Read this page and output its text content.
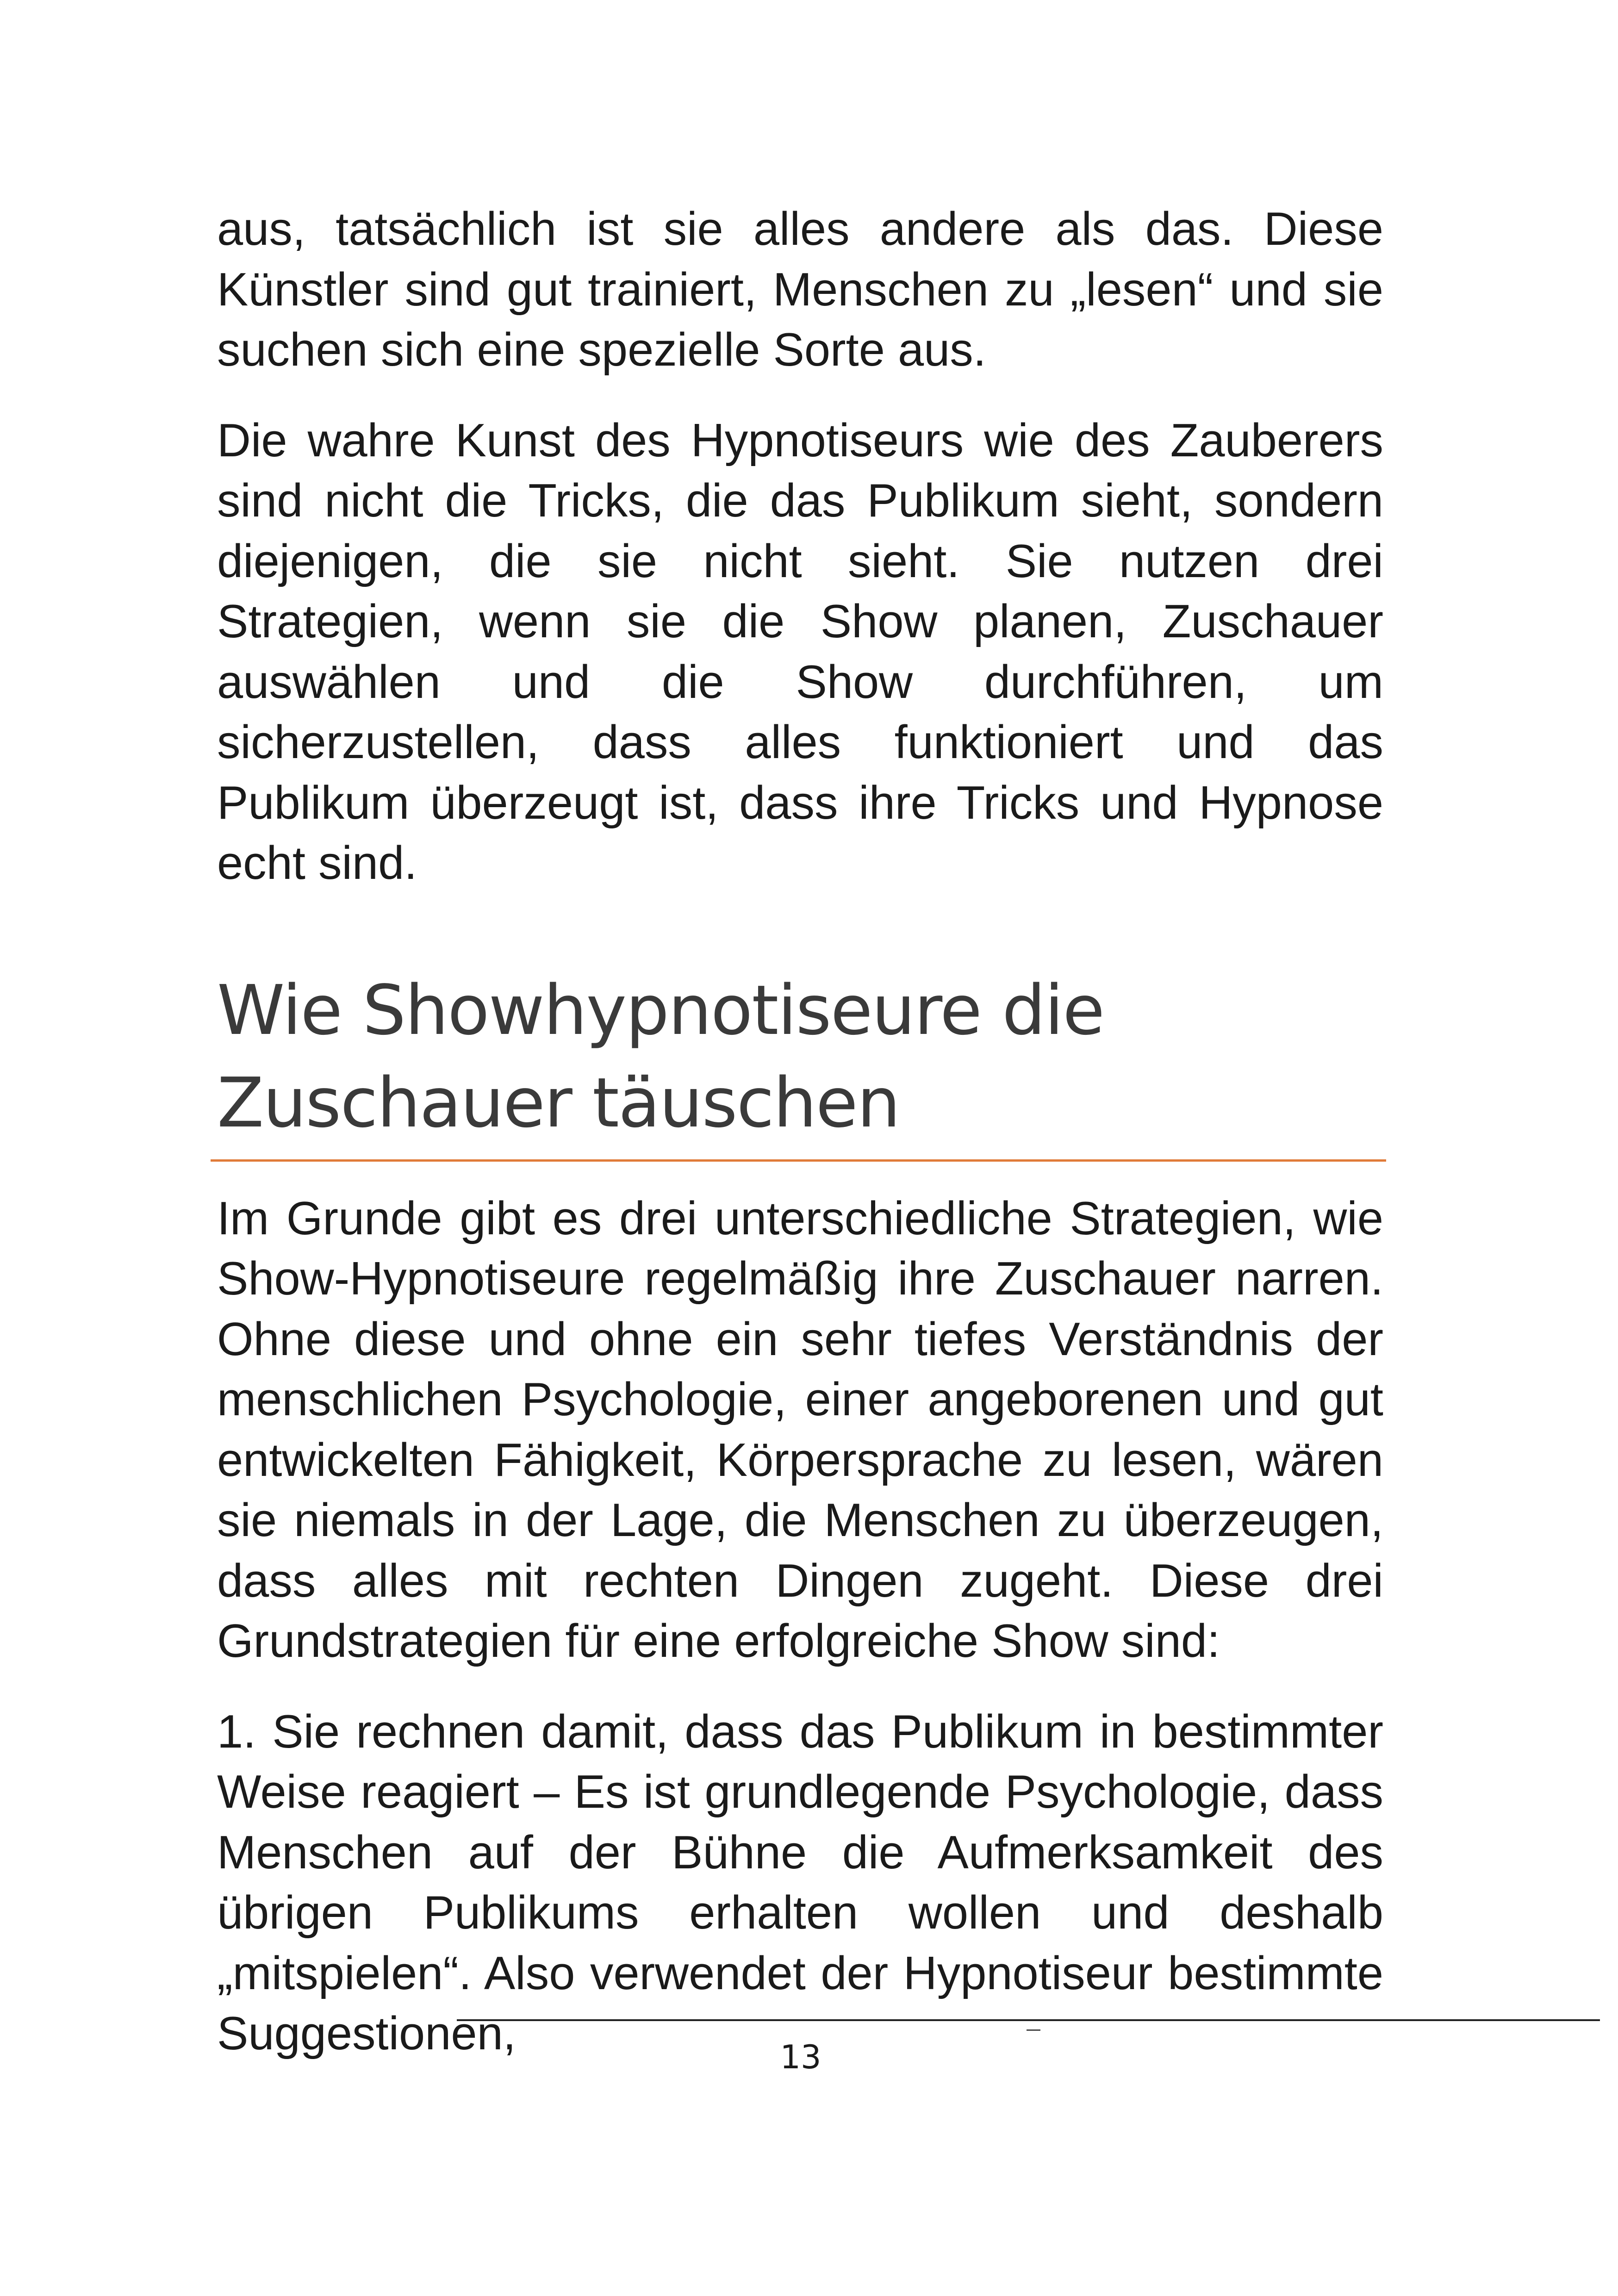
aus, tatsächlich ist sie alles andere als das. Diese Künstler sind gut trainiert, Menschen zu „lesen“ und sie suchen sich eine spezielle Sorte aus.

Die wahre Kunst des Hypnotiseurs wie des Zauberers sind nicht die Tricks, die das Publikum sieht, sondern diejenigen, die sie nicht sieht. Sie nutzen drei Strategien, wenn sie die Show planen, Zuschauer auswählen und die Show durchführen, um sicherzustellen, dass alles funktioniert und das Publikum überzeugt ist, dass ihre Tricks und Hypnose echt sind.

Wie Showhypnotiseure die Zuschauer täuschen

Im Grunde gibt es drei unterschiedliche Strategien, wie Show-Hypnotiseure regelmäßig ihre Zuschauer narren. Ohne diese und ohne ein sehr tiefes Verständnis der menschlichen Psychologie, einer angeborenen und gut entwickelten Fähigkeit, Körpersprache zu lesen, wären sie niemals in der Lage, die Menschen zu überzeugen, dass alles mit rechten Dingen zugeht. Diese drei Grundstrategien für eine erfolgreiche Show sind:

1. Sie rechnen damit, dass das Publikum in bestimmter Weise reagiert – Es ist grundlegende Psychologie, dass Menschen auf der Bühne die Aufmerksamkeit des übrigen Publikums erhalten wollen und deshalb „mitspielen“. Also verwendet der Hypnotiseur bestimmte Suggestionen,	13
